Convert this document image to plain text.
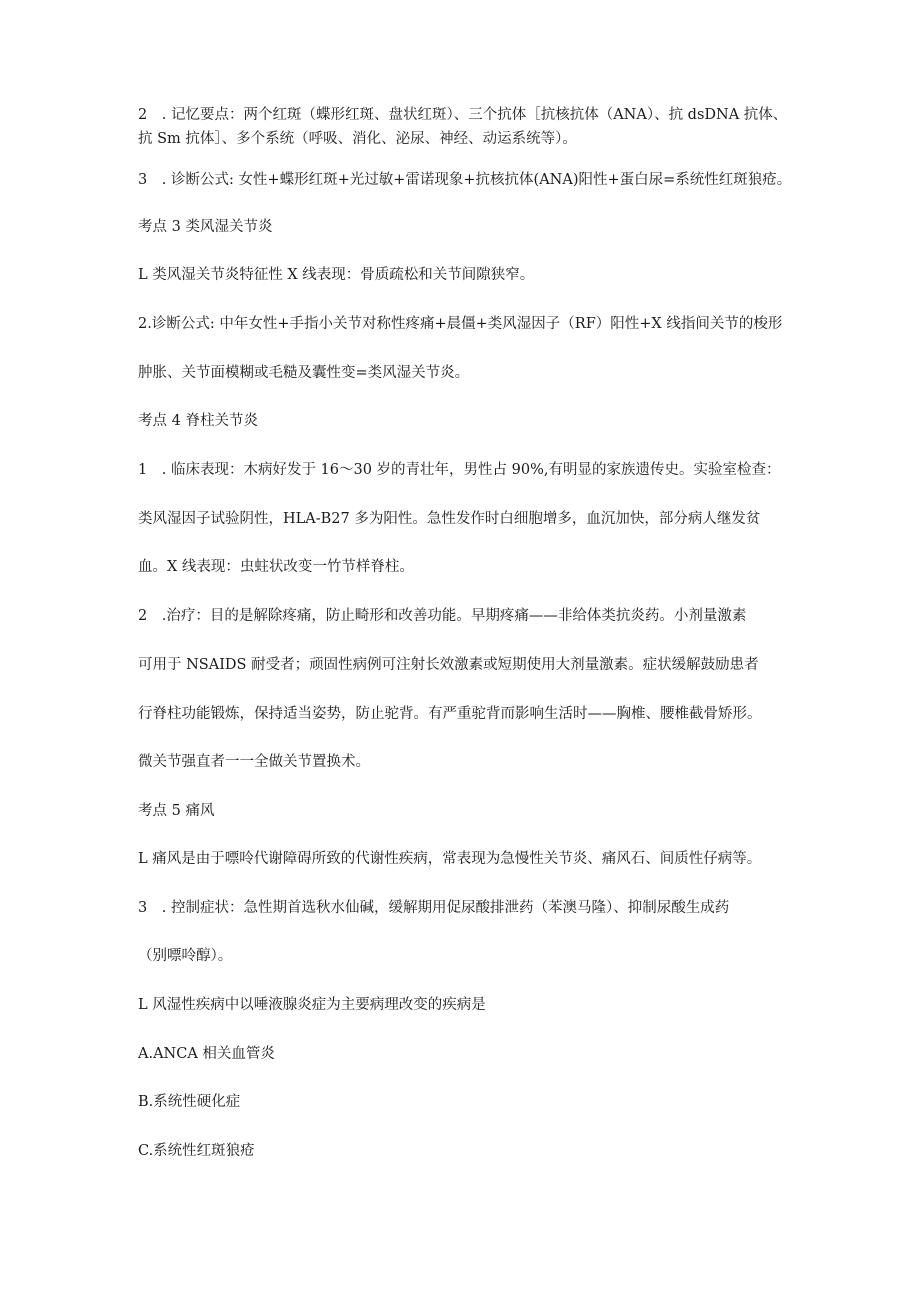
2　. 记忆要点：两个红斑（蝶形红斑、盘状红斑）、三个抗体［抗核抗体（ANA）、抗 dsDNA 抗体、抗 Sm 抗体］、多个系统（呼吸、消化、泌尿、神经、动运系统等）。
3　. 诊断公式: 女性+蝶形红斑+光过敏+雷诺现象+抗核抗体(ANA)阳性+蛋白尿=系统性红斑狼疮。
考点 3 类风湿关节炎
L 类风湿关节炎特征性 X 线表现：骨质疏松和关节间隙狭窄。
2.诊断公式: 中年女性+手指小关节对称性疼痛+晨僵+类风湿因子（RF）阳性+X 线指间关节的梭形
肿胀、关节面模糊或毛糙及囊性变=类风湿关节炎。
考点 4 脊柱关节炎
1　. 临床表现：木病好发于 16～30 岁的青壮年，男性占 90%,有明显的家族遗传史。实验室检查：
类风湿因子试验阴性，HLA-B27 多为阳性。急性发作时白细胞增多，血沉加快，部分病人继发贫
血。X 线表现：虫蛀状改变一竹节样脊柱。
2　.治疗：目的是解除疼痛，防止畸形和改善功能。早期疼痛——非给体类抗炎药。小剂量激素
可用于 NSAIDS 耐受者；顽固性病例可注射长效激素或短期使用大剂量激素。症状缓解鼓励患者
行脊柱功能锻炼，保持适当姿势，防止驼背。有严重驼背而影响生活时——胸椎、腰椎截骨矫形。
微关节强直者一一全做关节置换术。
考点 5 痛风
L 痛风是由于嘌呤代谢障碍所致的代谢性疾病，常表现为急慢性关节炎、痛风石、间质性仔病等。
3　. 控制症状：急性期首选秋水仙碱，缓解期用促尿酸排泄药（苯澳马隆）、抑制尿酸生成药
（别嘌呤醇）。
L 风湿性疾病中以唾液腺炎症为主要病理改变的疾病是
A.ANCA 相关血管炎
B.系统性硬化症
C.系统性红斑狼疮
